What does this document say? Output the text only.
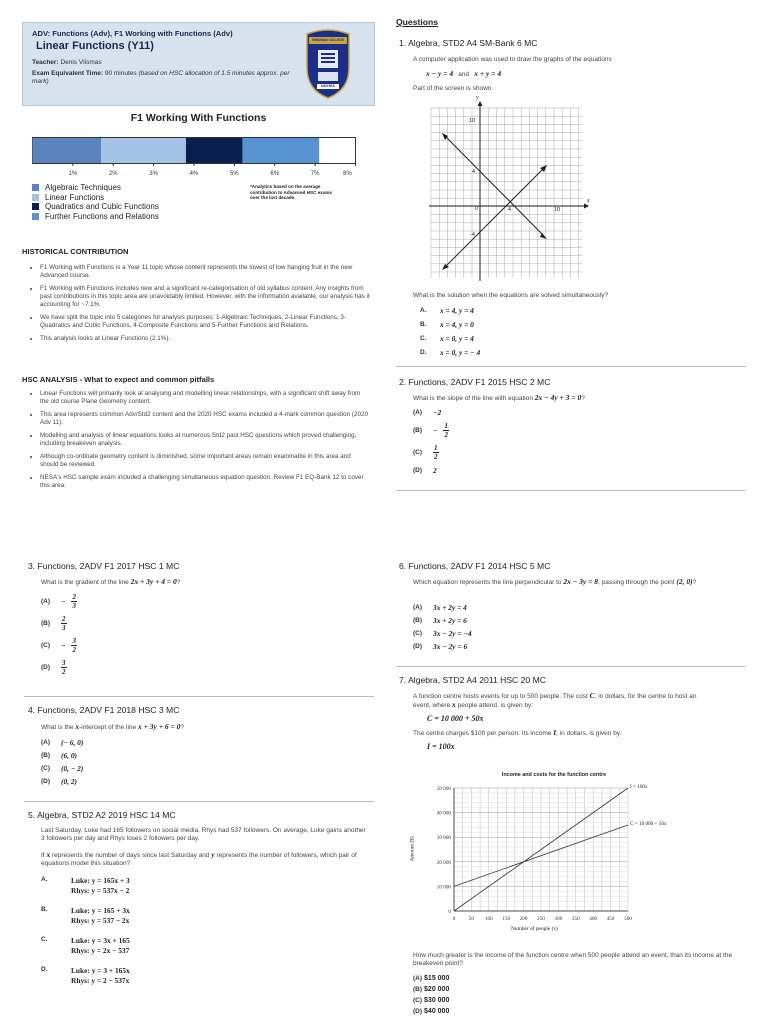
ADV: Functions (Adv), F1 Working with Functions (Adv)
Linear Functions (Y11)
Teacher: Denis Vlismas
Exam Equivalent Time: 90 minutes (based on HSC allocation of 1.5 minutes approx. per mark)
WINDMAN COLLEGE
NKIHHA
F1 Working With Functions
1%	2%	3%	4%	5%	6%	7%	8%
Algebraic Techniques
Linear Functions
Quadratics and Cubic Functions
Further Functions and Relations
*Analytics based on the average contribution to Advanced HSC exams over the last decade.
HISTORICAL CONTRIBUTION
• F1 Working with Functions is a Year 11 topic whose content represents the lowest of low hanging fruit in the new Advanced course.
• F1 Working with Functions includes new and a significant re-categorisation of old syllabus content. Any insights from past contributions in this topic area are unavoidably limited. However, with the information available, our analysis has it accounting for ~7.1%.
• We have split the topic into 5 categories for analysis purposes: 1-Algebraic Techniques, 2-Linear Functions, 3-Quadratics and Cubic Functions, 4-Composite Functions and 5-Further Functions and Relations.
• This analysis looks at Linear Functions (2.1%).
HSC ANALYSIS - What to expect and common pitfalls
• Linear Functions will primarily look at analysing and modelling linear relationships, with a significant shift away from the old course Plane Geometry content.
• This area represents common Adv/Std2 content and the 2020 HSC exams included a 4-mark common question (2020 Adv 11).
• Modelling and analysis of linear equations looks at numerous Std2 past HSC questions which proved challenging, including breakeven analysis.
• Although co-ordinate geometry content is diminished, some important areas remain examinable in this area and should be reviewed.
• NESA's HSC sample exam included a challenging simultaneous equation question. Review F1 EQ-Bank 12 to cover this area.
Questions
1. Algebra, STD2 A4 SM-Bank 6 MC
A computer application was used to draw the graphs of the equations
x − y = 4 and x + y = 4
Part of the screen is shown.
x
y
10
4
0	4	10
-4
What is the solution when the equations are solved simultaneously?
A.	x = 4, y = 4
B.	x = 4, y = 0
C.	x = 0, y = 4
D.	x = 0, y = − 4
2. Functions, 2ADV F1 2015 HSC 2 MC
What is the slope of the line with equation 2x − 4y + 3 = 0?
(A)	−2
(B)	− $\frac{1}{2}$
(C)	$\frac{1}{2}$
(D)	2
3. Functions, 2ADV F1 2017 HSC 1 MC
What is the gradient of the line 2x + 3y + 4 = 0?
(A)	− $\frac{2}{3}$
(B)	$\frac{2}{3}$
(C)	− $\frac{3}{2}$
(D)	$\frac{3}{2}$
4. Functions, 2ADV F1 2018 HSC 3 MC
What is the x-intercept of the line x + 3y + 6 = 0?
(A)	(− 6, 0)
(B)	(6, 0)
(C)	(0, − 2)
(D)	(0, 2)
5. Algebra, STD2 A2 2019 HSC 14 MC
Last Saturday, Luke had 165 followers on social media. Rhys had 537 followers. On average, Luke gains another 3 followers per day and Rhys loses 2 followers per day.
If x represents the number of days since last Saturday and y represents the number of followers, which pair of equations model this situation?
A.	Luke: y = 165x + 3
Rhys: y = 537x − 2
B.	Luke: y = 165 + 3x
Rhys: y = 537 − 2x
C.	Luke: y = 3x + 165
Rhys: y = 2x − 537
D.	Luke: y = 3 + 165x
Rhys: y = 2 − 537x
6. Functions, 2ADV F1 2014 HSC 5 MC
Which equation represents the line perpendicular to 2x − 3y = 8, passing through the point (2, 0)?
(A)	3x + 2y = 4
(B)	3x + 2y = 6
(C)	3x − 2y = −4
(D)	3x − 2y = 6
7. Algebra, STD2 A4 2011 HSC 20 MC
A function centre hosts events for up to 500 people. The cost C, in dollars, for the centre to host an event, where x people attend, is given by:
C = 10 000 + 50x
The centre charges $100 per person. Its income I, in dollars, is given by:
I = 100x
Income and costs for the function centre
0	50 100 150 200 250 300 350 400 450 500
0
10 000
20 000
30 000
40 000
50 000	I = 100x
C = 10 000 + 50x
Amount ($)
Number of people (x)
How much greater is the income of the function centre when 500 people attend an event, than its income at the breakeven point?
(A) $15 000
(B) $20 000
(C) $30 000
(D) $40 000
